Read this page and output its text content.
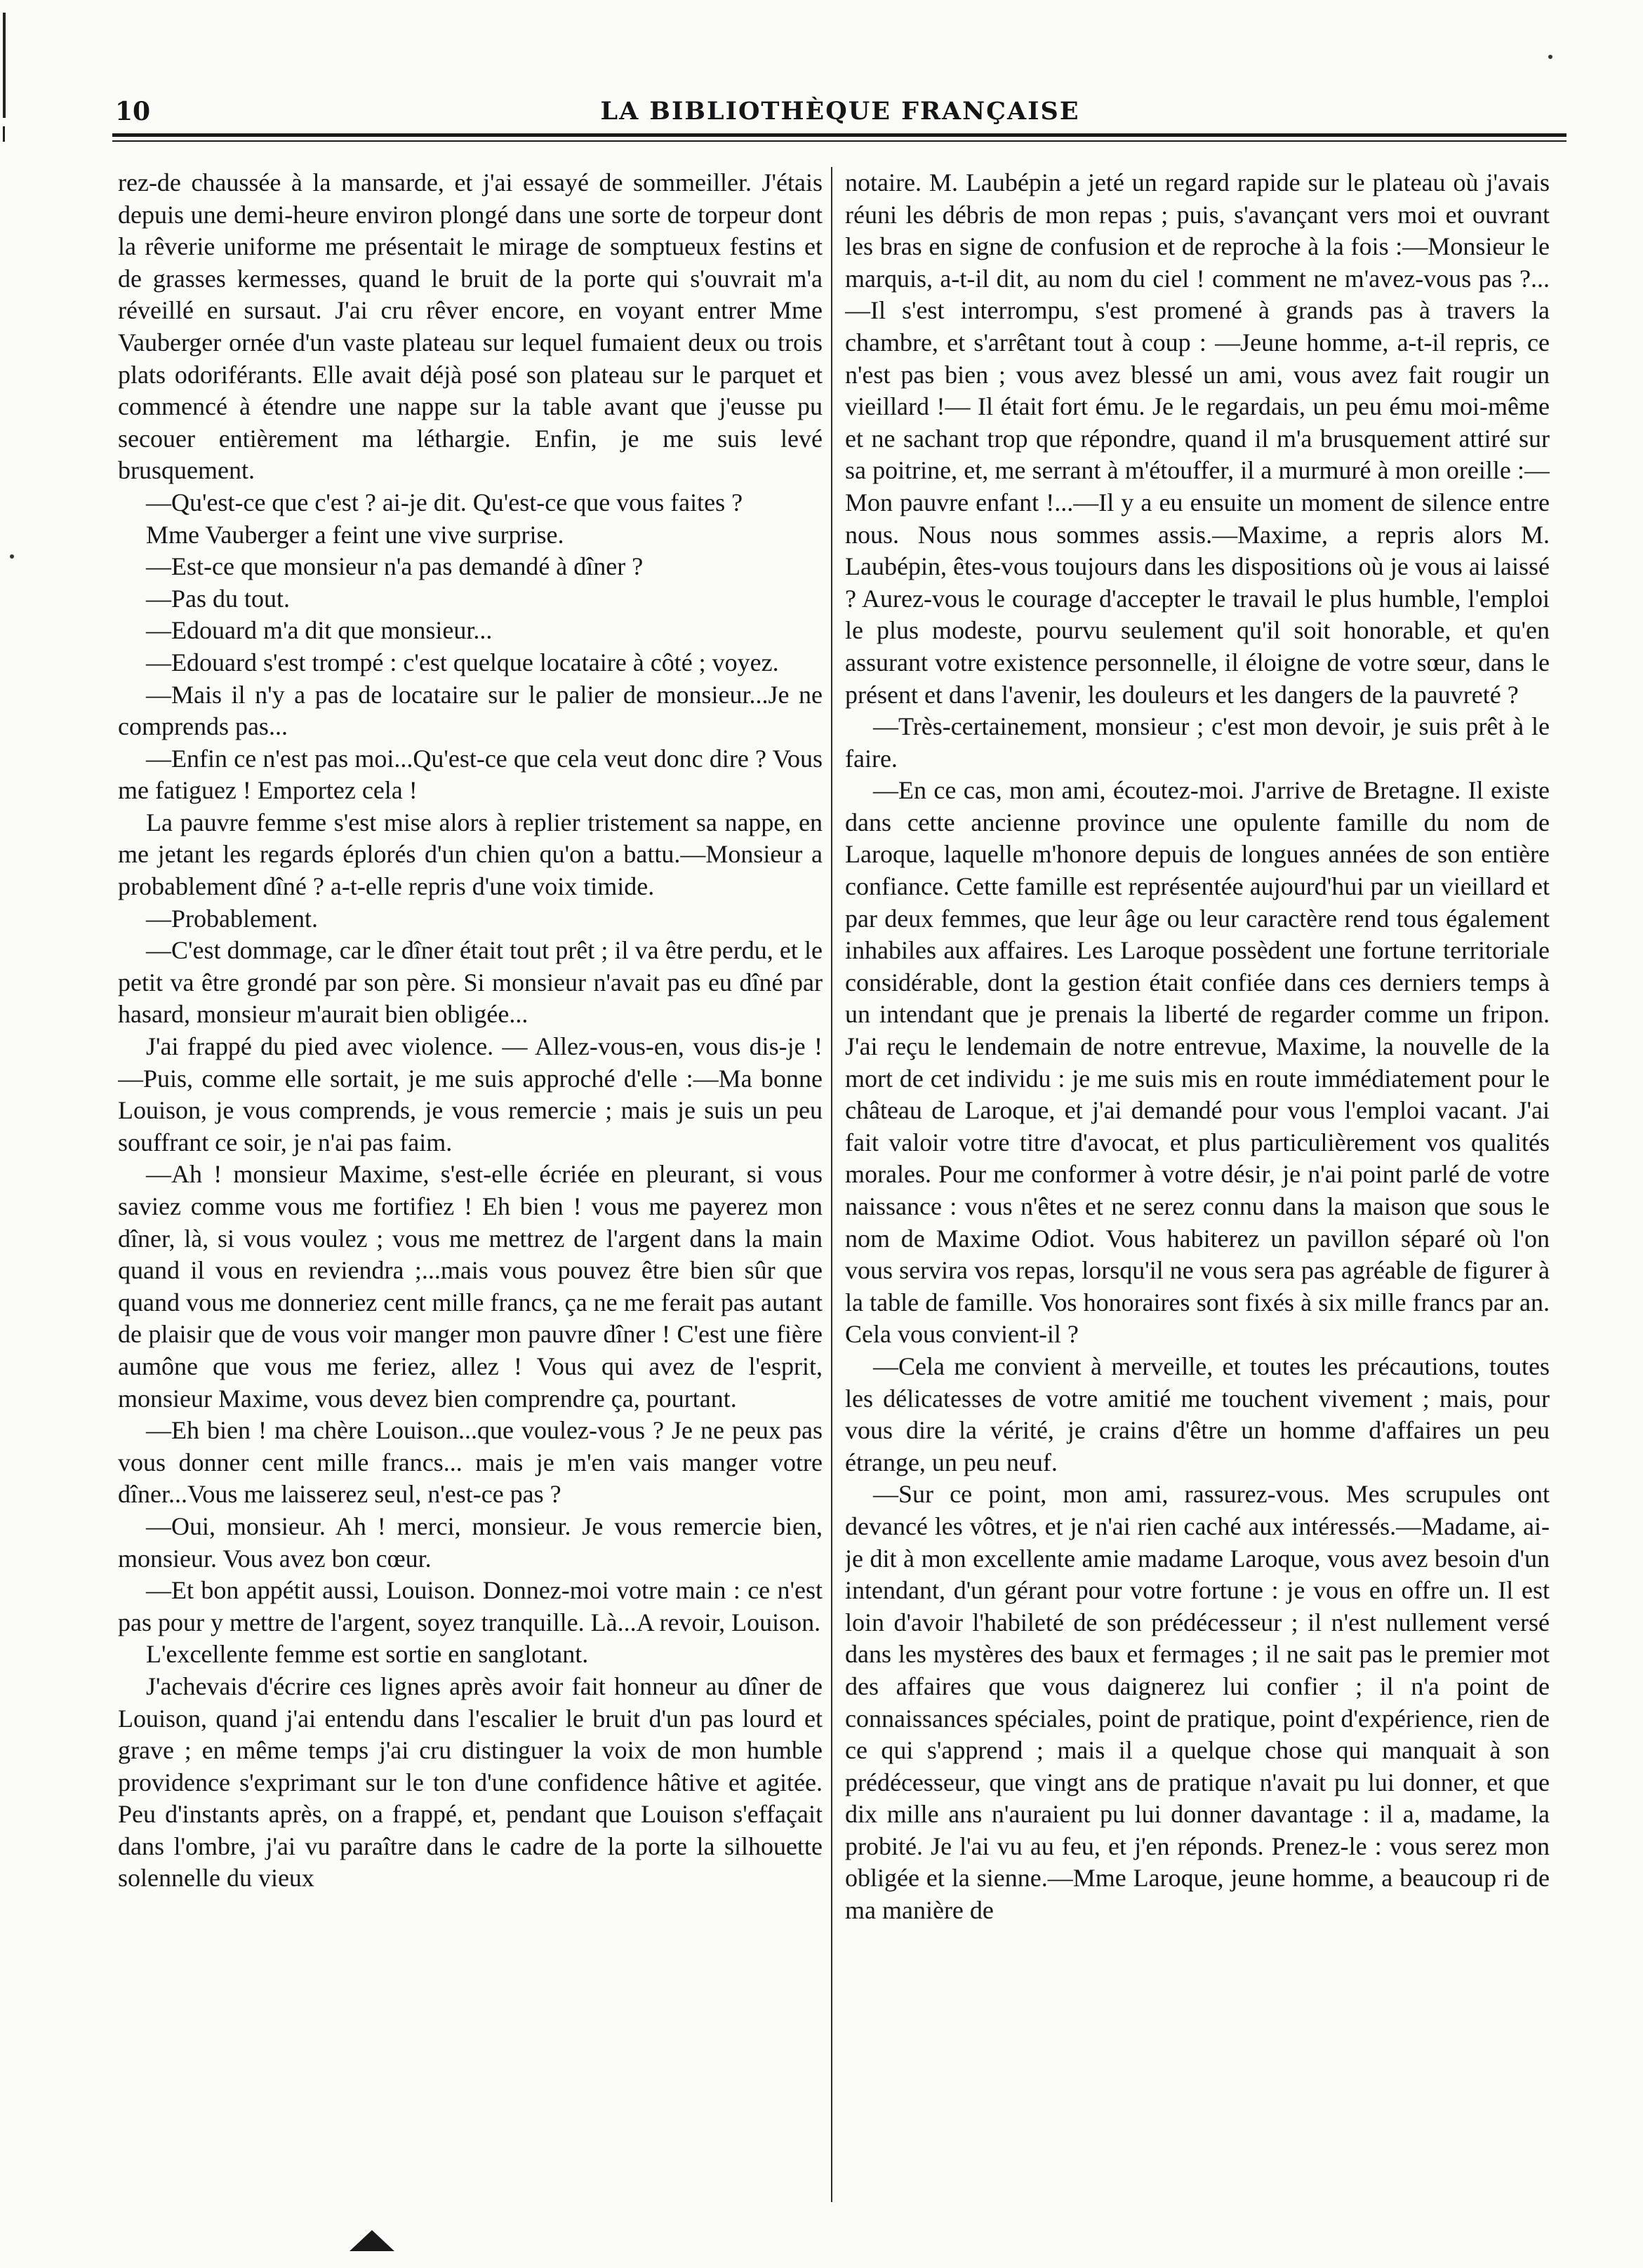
10	LA BIBLIOTHÈQUE FRANÇAISE

rez-de chaussée à la mansarde, et j'ai essayé de sommeiller. J'étais depuis une demi-heure environ plongé dans une sorte de torpeur dont la rêverie uniforme me présentait le mirage de somptueux festins et de grasses kermesses, quand le bruit de la porte qui s'ouvrait m'a réveillé en sursaut. J'ai cru rêver encore, en voyant entrer Mme Vauberger ornée d'un vaste plateau sur lequel fumaient deux ou trois plats odoriférants. Elle avait déjà posé son plateau sur le parquet et commencé à étendre une nappe sur la table avant que j'eusse pu secouer entièrement ma léthargie. Enfin, je me suis levé brusquement.

—Qu'est-ce que c'est ? ai-je dit. Qu'est-ce que vous faites ?

Mme Vauberger a feint une vive surprise.

—Est-ce que monsieur n'a pas demandé à dîner ?

—Pas du tout.

—Edouard m'a dit que monsieur...

—Edouard s'est trompé : c'est quelque locataire à côté ; voyez.

—Mais il n'y a pas de locataire sur le palier de monsieur...Je ne comprends pas...

—Enfin ce n'est pas moi...Qu'est-ce que cela veut donc dire ? Vous me fatiguez ! Emportez cela !

La pauvre femme s'est mise alors à replier tristement sa nappe, en me jetant les regards éplorés d'un chien qu'on a battu.—Monsieur a probablement dîné ? a-t-elle repris d'une voix timide.

—Probablement.

—C'est dommage, car le dîner était tout prêt ; il va être perdu, et le petit va être grondé par son père. Si monsieur n'avait pas eu dîné par hasard, monsieur m'aurait bien obligée...

J'ai frappé du pied avec violence. — Allez-vous-en, vous dis-je !—Puis, comme elle sortait, je me suis approché d'elle :—Ma bonne Louison, je vous comprends, je vous remercie ; mais je suis un peu souffrant ce soir, je n'ai pas faim.

—Ah ! monsieur Maxime, s'est-elle écriée en pleurant, si vous saviez comme vous me fortifiez ! Eh bien ! vous me payerez mon dîner, là, si vous voulez ; vous me mettrez de l'argent dans la main quand il vous en reviendra ;...mais vous pouvez être bien sûr que quand vous me donneriez cent mille francs, ça ne me ferait pas autant de plaisir que de vous voir manger mon pauvre dîner ! C'est une fière aumône que vous me feriez, allez ! Vous qui avez de l'esprit, monsieur Maxime, vous devez bien comprendre ça, pourtant.

—Eh bien ! ma chère Louison...que voulez-vous ? Je ne peux pas vous donner cent mille francs... mais je m'en vais manger votre dîner...Vous me laisserez seul, n'est-ce pas ?

—Oui, monsieur. Ah ! merci, monsieur. Je vous remercie bien, monsieur. Vous avez bon cœur.

—Et bon appétit aussi, Louison. Donnez-moi votre main : ce n'est pas pour y mettre de l'argent, soyez tranquille. Là...A revoir, Louison.

L'excellente femme est sortie en sanglotant.

J'achevais d'écrire ces lignes après avoir fait honneur au dîner de Louison, quand j'ai entendu dans l'escalier le bruit d'un pas lourd et grave ; en même temps j'ai cru distinguer la voix de mon humble providence s'exprimant sur le ton d'une confidence hâtive et agitée. Peu d'instants après, on a frappé, et, pendant que Louison s'effaçait dans l'ombre, j'ai vu paraître dans le cadre de la porte la silhouette solennelle du vieux

notaire. M. Laubépin a jeté un regard rapide sur le plateau où j'avais réuni les débris de mon repas ; puis, s'avançant vers moi et ouvrant les bras en signe de confusion et de reproche à la fois :—Monsieur le marquis, a-t-il dit, au nom du ciel ! comment ne m'avez-vous pas ?...—Il s'est interrompu, s'est promené à grands pas à travers la chambre, et s'arrêtant tout à coup : —Jeune homme, a-t-il repris, ce n'est pas bien ; vous avez blessé un ami, vous avez fait rougir un vieillard !— Il était fort ému. Je le regardais, un peu ému moi-même et ne sachant trop que répondre, quand il m'a brusquement attiré sur sa poitrine, et, me serrant à m'étouffer, il a murmuré à mon oreille :—Mon pauvre enfant !...—Il y a eu ensuite un moment de silence entre nous. Nous nous sommes assis.—Maxime, a repris alors M. Laubépin, êtes-vous toujours dans les dispositions où je vous ai laissé ? Aurez-vous le courage d'accepter le travail le plus humble, l'emploi le plus modeste, pourvu seulement qu'il soit honorable, et qu'en assurant votre existence personnelle, il éloigne de votre sœur, dans le présent et dans l'avenir, les douleurs et les dangers de la pauvreté ?

—Très-certainement, monsieur ; c'est mon devoir, je suis prêt à le faire.

—En ce cas, mon ami, écoutez-moi. J'arrive de Bretagne. Il existe dans cette ancienne province une opulente famille du nom de Laroque, laquelle m'honore depuis de longues années de son entière confiance. Cette famille est représentée aujourd'hui par un vieillard et par deux femmes, que leur âge ou leur caractère rend tous également inhabiles aux affaires. Les Laroque possèdent une fortune territoriale considérable, dont la gestion était confiée dans ces derniers temps à un intendant que je prenais la liberté de regarder comme un fripon. J'ai reçu le lendemain de notre entrevue, Maxime, la nouvelle de la mort de cet individu : je me suis mis en route immédiatement pour le château de Laroque, et j'ai demandé pour vous l'emploi vacant. J'ai fait valoir votre titre d'avocat, et plus particulièrement vos qualités morales. Pour me conformer à votre désir, je n'ai point parlé de votre naissance : vous n'êtes et ne serez connu dans la maison que sous le nom de Maxime Odiot. Vous habiterez un pavillon séparé où l'on vous servira vos repas, lorsqu'il ne vous sera pas agréable de figurer à la table de famille. Vos honoraires sont fixés à six mille francs par an. Cela vous convient-il ?

—Cela me convient à merveille, et toutes les précautions, toutes les délicatesses de votre amitié me touchent vivement ; mais, pour vous dire la vérité, je crains d'être un homme d'affaires un peu étrange, un peu neuf.

—Sur ce point, mon ami, rassurez-vous. Mes scrupules ont devancé les vôtres, et je n'ai rien caché aux intéressés.—Madame, ai-je dit à mon excellente amie madame Laroque, vous avez besoin d'un intendant, d'un gérant pour votre fortune : je vous en offre un. Il est loin d'avoir l'habileté de son prédécesseur ; il n'est nullement versé dans les mystères des baux et fermages ; il ne sait pas le premier mot des affaires que vous daignerez lui confier ; il n'a point de connaissances spéciales, point de pratique, point d'expérience, rien de ce qui s'apprend ; mais il a quelque chose qui manquait à son prédécesseur, que vingt ans de pratique n'avait pu lui donner, et que dix mille ans n'auraient pu lui donner davantage : il a, madame, la probité. Je l'ai vu au feu, et j'en réponds. Prenez-le : vous serez mon obligée et la sienne.—Mme Laroque, jeune homme, a beaucoup ri de ma manière de
